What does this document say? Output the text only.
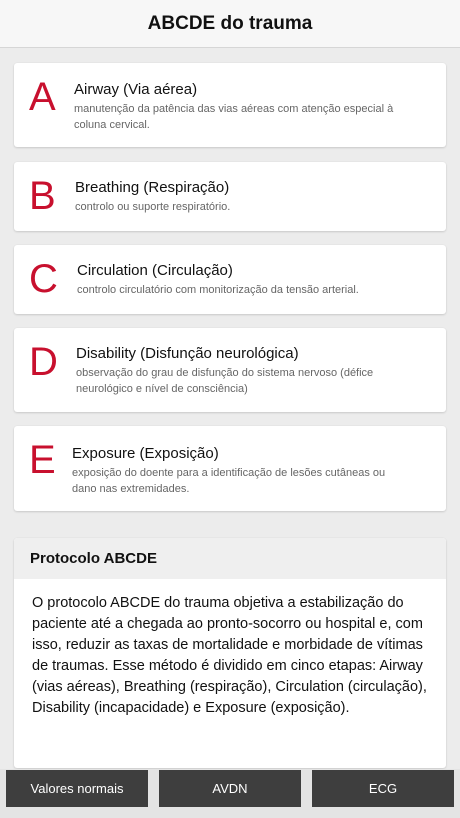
ABCDE do trauma
A Airway (Via aérea)
manutenção da patência das vias aéreas com atenção especial à coluna cervical.
B Breathing (Respiração)
controlo ou suporte respiratório.
C Circulation (Circulação)
controlo circulatório com monitorização da tensão arterial.
D Disability (Disfunção neurológica)
observação do grau de disfunção do sistema nervoso (défice neurológico e nível de consciência)
E Exposure (Exposição)
exposição do doente para a identificação de lesões cutâneas ou dano nas extremidades.
Protocolo ABCDE
O protocolo ABCDE do trauma objetiva a estabilização do paciente até a chegada ao pronto-socorro ou hospital e, com isso, reduzir as taxas de mortalidade e morbidade de vítimas de traumas. Esse método é dividido em cinco etapas: Airway (vias aéreas), Breathing (respiração), Circulation (circulação), Disability (incapacidade) e Exposure (exposição).
Valores normais	AVDN	ECG
